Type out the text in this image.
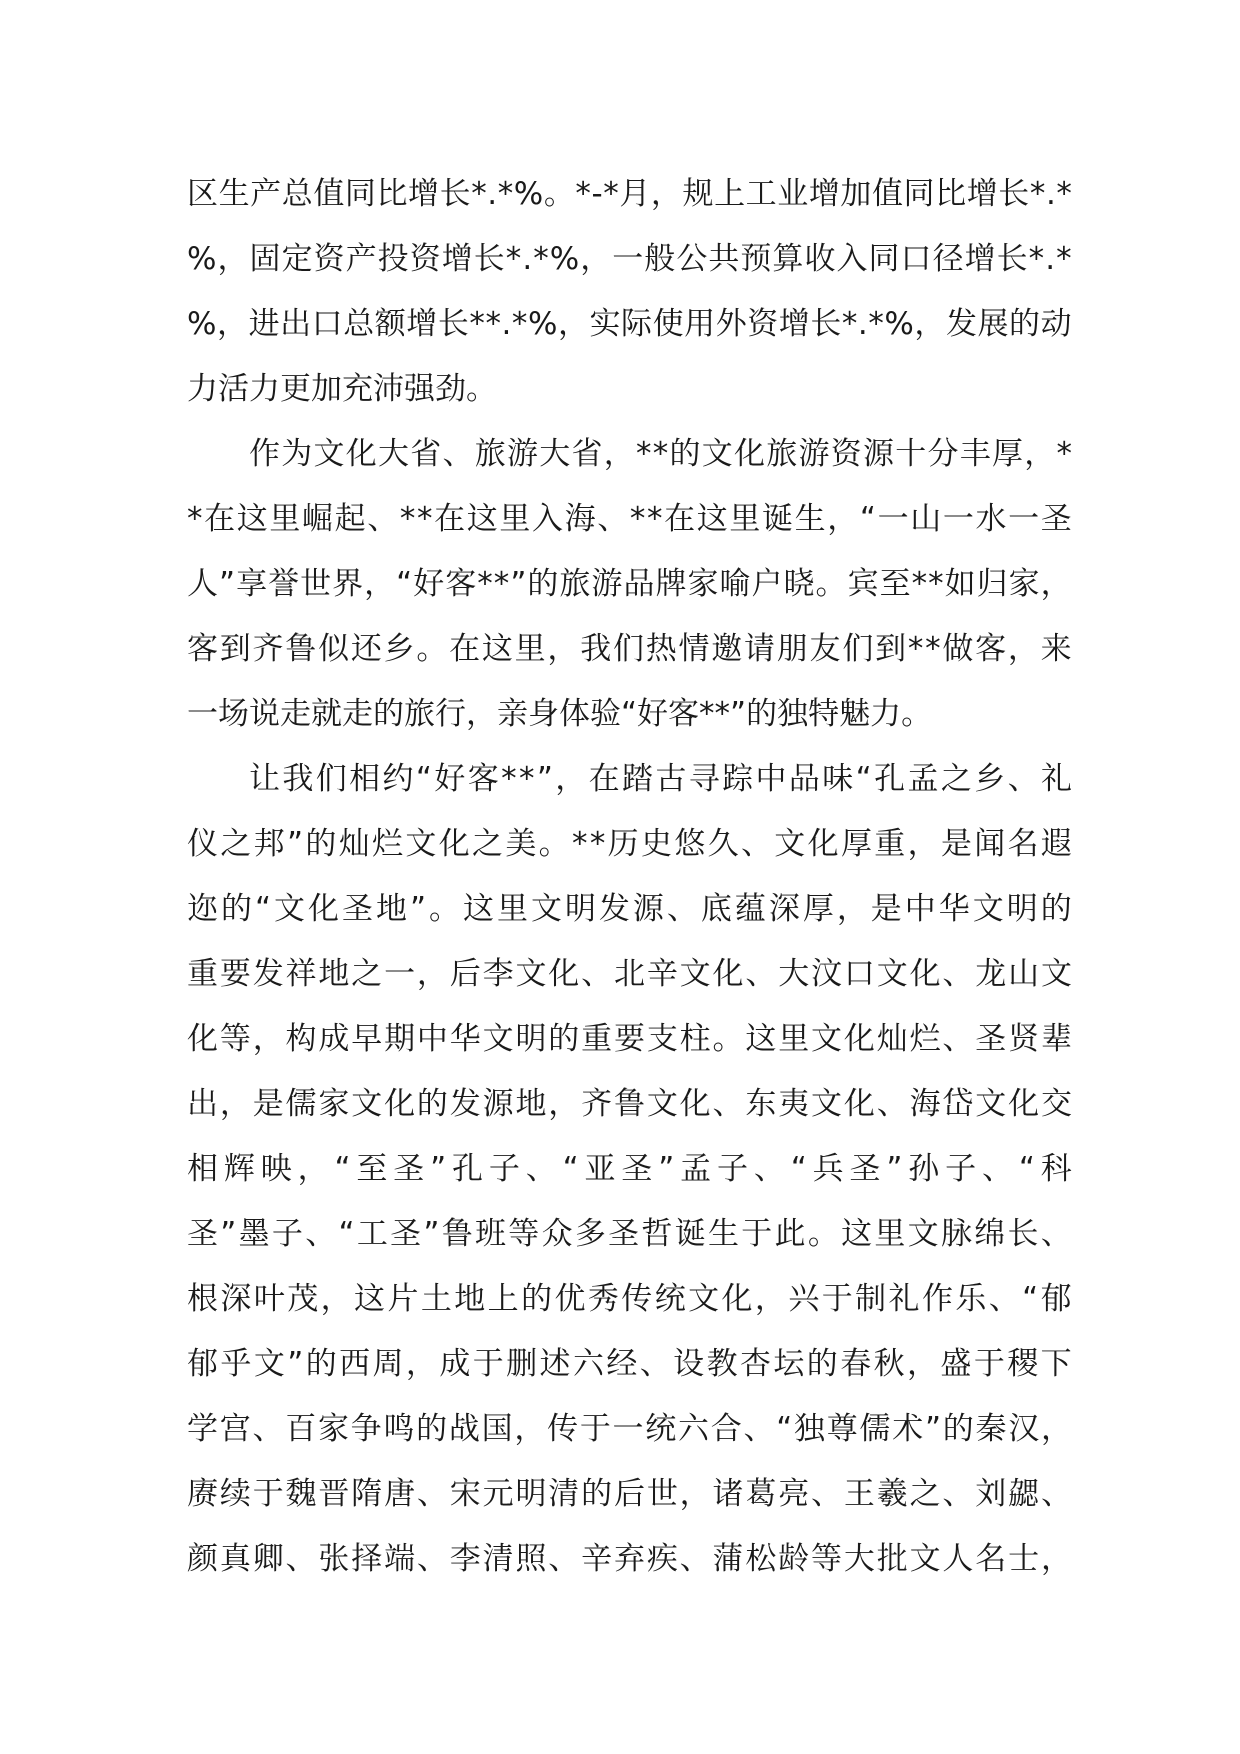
区 生 产 总 值 同 比 增 长 * . * % 。 * - * 月 ， 规 上 工 业 增 加 值 同 比 增 长 * . *
% ， 固 定 资 产 投 资 增 长 * . * % ， 一 般 公 共 预 算 收 入 同 口 径 增 长 * . *
% ， 进 出 口 总 额 增 长 * * . * % ， 实 际 使 用 外 资 增 长 * . * % ， 发 展 的 动
力活力更加充沛强劲。
作 为 文 化 大 省 、 旅 游 大 省 ， * * 的 文 化 旅 游 资 源 十 分 丰 厚 ， *
* 在 这 里 崛 起 、 * * 在 这 里 入 海 、 * * 在 这 里 诞 生 ， “ 一 山 一 水 一 圣
人 ” 享 誉 世 界 ， “ 好 客 * * ” 的 旅 游 品 牌 家 喻 户 晓 。 宾 至 * * 如 归 家 ，
客 到 齐 鲁 似 还 乡 。 在 这 里 ， 我 们 热 情 邀 请 朋 友 们 到 * * 做 客 ， 来
一场说走就走的旅行，亲身体验“好客**”的独特魅力。
让 我 们 相 约 “ 好 客 * * ” ， 在 踏 古 寻 踪 中 品 味 “ 孔 孟 之 乡 、 礼
仪 之 邦 ” 的 灿 烂 文 化 之 美 。 * * 历 史 悠 久 、 文 化 厚 重 ， 是 闻 名 遐
迩 的 “ 文 化 圣 地 ” 。 这 里 文 明 发 源 、 底 蕴 深 厚 ， 是 中 华 文 明 的
重 要 发 祥 地 之 一 ， 后 李 文 化 、 北 辛 文 化 、 大 汶 口 文 化 、 龙 山 文
化 等 ， 构 成 早 期 中 华 文 明 的 重 要 支 柱 。 这 里 文 化 灿 烂 、 圣 贤 辈
出 ， 是 儒 家 文 化 的 发 源 地 ， 齐 鲁 文 化 、 东 夷 文 化 、 海 岱 文 化 交
相 辉 映 ， “ 至 圣 ” 孔 子 、 “ 亚 圣 ” 孟 子 、 “ 兵 圣 ” 孙 子 、 “ 科
圣 ” 墨 子 、 “ 工 圣 ” 鲁 班 等 众 多 圣 哲 诞 生 于 此 。 这 里 文 脉 绵 长 、
根 深 叶 茂 ， 这 片 土 地 上 的 优 秀 传 统 文 化 ， 兴 于 制 礼 作 乐 、 “ 郁
郁 乎 文 ” 的 西 周 ， 成 于 删 述 六 经 、 设 教 杏 坛 的 春 秋 ， 盛 于 稷 下
学 宫 、 百 家 争 鸣 的 战 国 ， 传 于 一 统 六 合 、 “ 独 尊 儒 术 ” 的 秦 汉 ，
赓 续 于 魏 晋 隋 唐 、 宋 元 明 清 的 后 世 ， 诸 葛 亮 、 王 羲 之 、 刘 勰 、
颜 真 卿 、 张 择 端 、 李 清 照 、 辛 弃 疾 、 蒲 松 龄 等 大 批 文 人 名 士 ，
